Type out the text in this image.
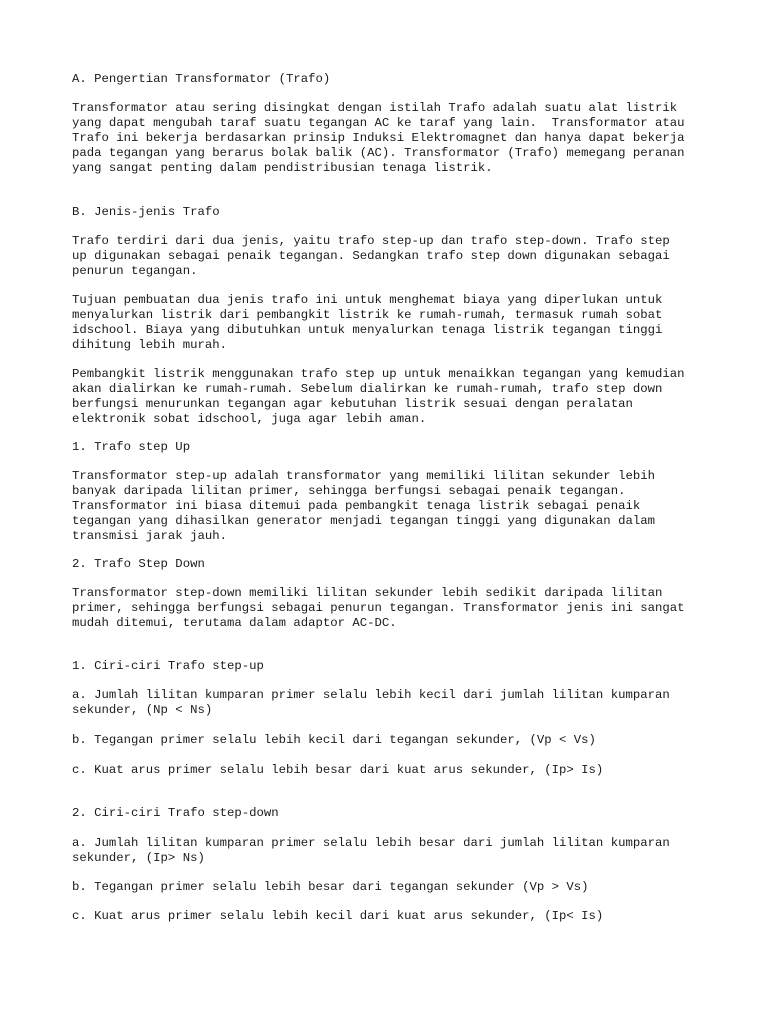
A. Pengertian Transformator (Trafo)

Transformator atau sering disingkat dengan istilah Trafo adalah suatu alat listrik

yang dapat mengubah taraf suatu tegangan AC ke taraf yang lain.  Transformator atau

Trafo ini bekerja berdasarkan prinsip Induksi Elektromagnet dan hanya dapat bekerja

pada tegangan yang berarus bolak balik (AC). Transformator (Trafo) memegang peranan

yang sangat penting dalam pendistribusian tenaga listrik.

B. Jenis-jenis Trafo

Trafo terdiri dari dua jenis, yaitu trafo step-up dan trafo step-down. Trafo step

up digunakan sebagai penaik tegangan. Sedangkan trafo step down digunakan sebagai

penurun tegangan.

Tujuan pembuatan dua jenis trafo ini untuk menghemat biaya yang diperlukan untuk

menyalurkan listrik dari pembangkit listrik ke rumah-rumah, termasuk rumah sobat

idschool. Biaya yang dibutuhkan untuk menyalurkan tenaga listrik tegangan tinggi

dihitung lebih murah.

Pembangkit listrik menggunakan trafo step up untuk menaikkan tegangan yang kemudian

akan dialirkan ke rumah-rumah. Sebelum dialirkan ke rumah-rumah, trafo step down

berfungsi menurunkan tegangan agar kebutuhan listrik sesuai dengan peralatan

elektronik sobat idschool, juga agar lebih aman.

1. Trafo step Up

Transformator step-up adalah transformator yang memiliki lilitan sekunder lebih

banyak daripada lilitan primer, sehingga berfungsi sebagai penaik tegangan.

Transformator ini biasa ditemui pada pembangkit tenaga listrik sebagai penaik

tegangan yang dihasilkan generator menjadi tegangan tinggi yang digunakan dalam

transmisi jarak jauh.

2. Trafo Step Down

Transformator step-down memiliki lilitan sekunder lebih sedikit daripada lilitan

primer, sehingga berfungsi sebagai penurun tegangan. Transformator jenis ini sangat

mudah ditemui, terutama dalam adaptor AC-DC.

1. Ciri-ciri Trafo step-up

a. Jumlah lilitan kumparan primer selalu lebih kecil dari jumlah lilitan kumparan

sekunder, (Np < Ns)

b. Tegangan primer selalu lebih kecil dari tegangan sekunder, (Vp < Vs)

c. Kuat arus primer selalu lebih besar dari kuat arus sekunder, (Ip> Is)

2. Ciri-ciri Trafo step-down

a. Jumlah lilitan kumparan primer selalu lebih besar dari jumlah lilitan kumparan

sekunder, (Ip> Ns)

b. Tegangan primer selalu lebih besar dari tegangan sekunder (Vp > Vs)

c. Kuat arus primer selalu lebih kecil dari kuat arus sekunder, (Ip< Is)
